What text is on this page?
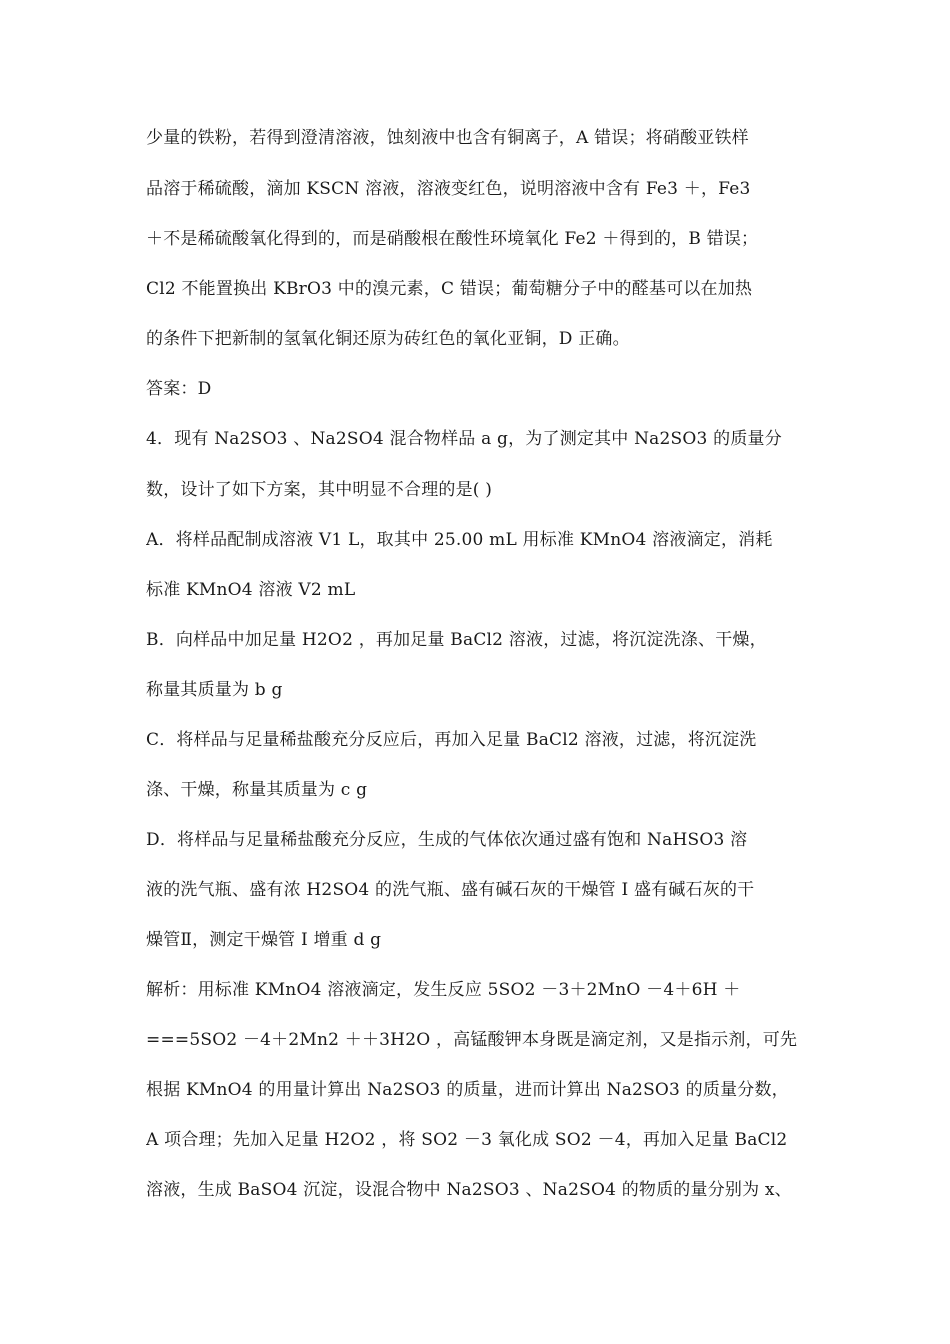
少量的铁粉，若得到澄清溶液，蚀刻液中也含有铜离子，A 错误；将硝酸亚铁样
品溶于稀硫酸，滴加 KSCN 溶液，溶液变红色，说明溶液中含有 Fe3 ＋，Fe3
＋不是稀硫酸氧化得到的，而是硝酸根在酸性环境氧化 Fe2 ＋得到的，B 错误；
Cl2 不能置换出 KBrO3 中的溴元素，C 错误；葡萄糖分子中的醛基可以在加热
的条件下把新制的氢氧化铜还原为砖红色的氧化亚铜，D 正确。
答案：D
4．现有 Na2SO3 、Na2SO4 混合物样品 a g，为了测定其中 Na2SO3 的质量分
数，设计了如下方案，其中明显不合理的是( )
A．将样品配制成溶液 V1 L，取其中 25.00 mL 用标准 KMnO4 溶液滴定，消耗
标准 KMnO4 溶液 V2 mL
B．向样品中加足量 H2O2 ，再加足量 BaCl2 溶液，过滤，将沉淀洗涤、干燥，
称量其质量为 b g
C．将样品与足量稀盐酸充分反应后，再加入足量 BaCl2 溶液，过滤，将沉淀洗
涤、干燥，称量其质量为 c g
D．将样品与足量稀盐酸充分反应，生成的气体依次通过盛有饱和 NaHSO3 溶
液的洗气瓶、盛有浓 H2SO4 的洗气瓶、盛有碱石灰的干燥管 I 盛有碱石灰的干
燥管Ⅱ，测定干燥管 I 增重 d g
解析：用标准 KMnO4 溶液滴定，发生反应 5SO2 －3＋2MnO －4＋6H ＋
===5SO2 －4＋2Mn2 ＋＋3H2O ，高锰酸钾本身既是滴定剂，又是指示剂，可先
根据 KMnO4 的用量计算出 Na2SO3 的质量，进而计算出 Na2SO3 的质量分数，
A 项合理；先加入足量 H2O2 ，将 SO2 －3 氧化成 SO2 －4，再加入足量 BaCl2
溶液，生成 BaSO4 沉淀，设混合物中 Na2SO3 、Na2SO4 的物质的量分别为 x、
